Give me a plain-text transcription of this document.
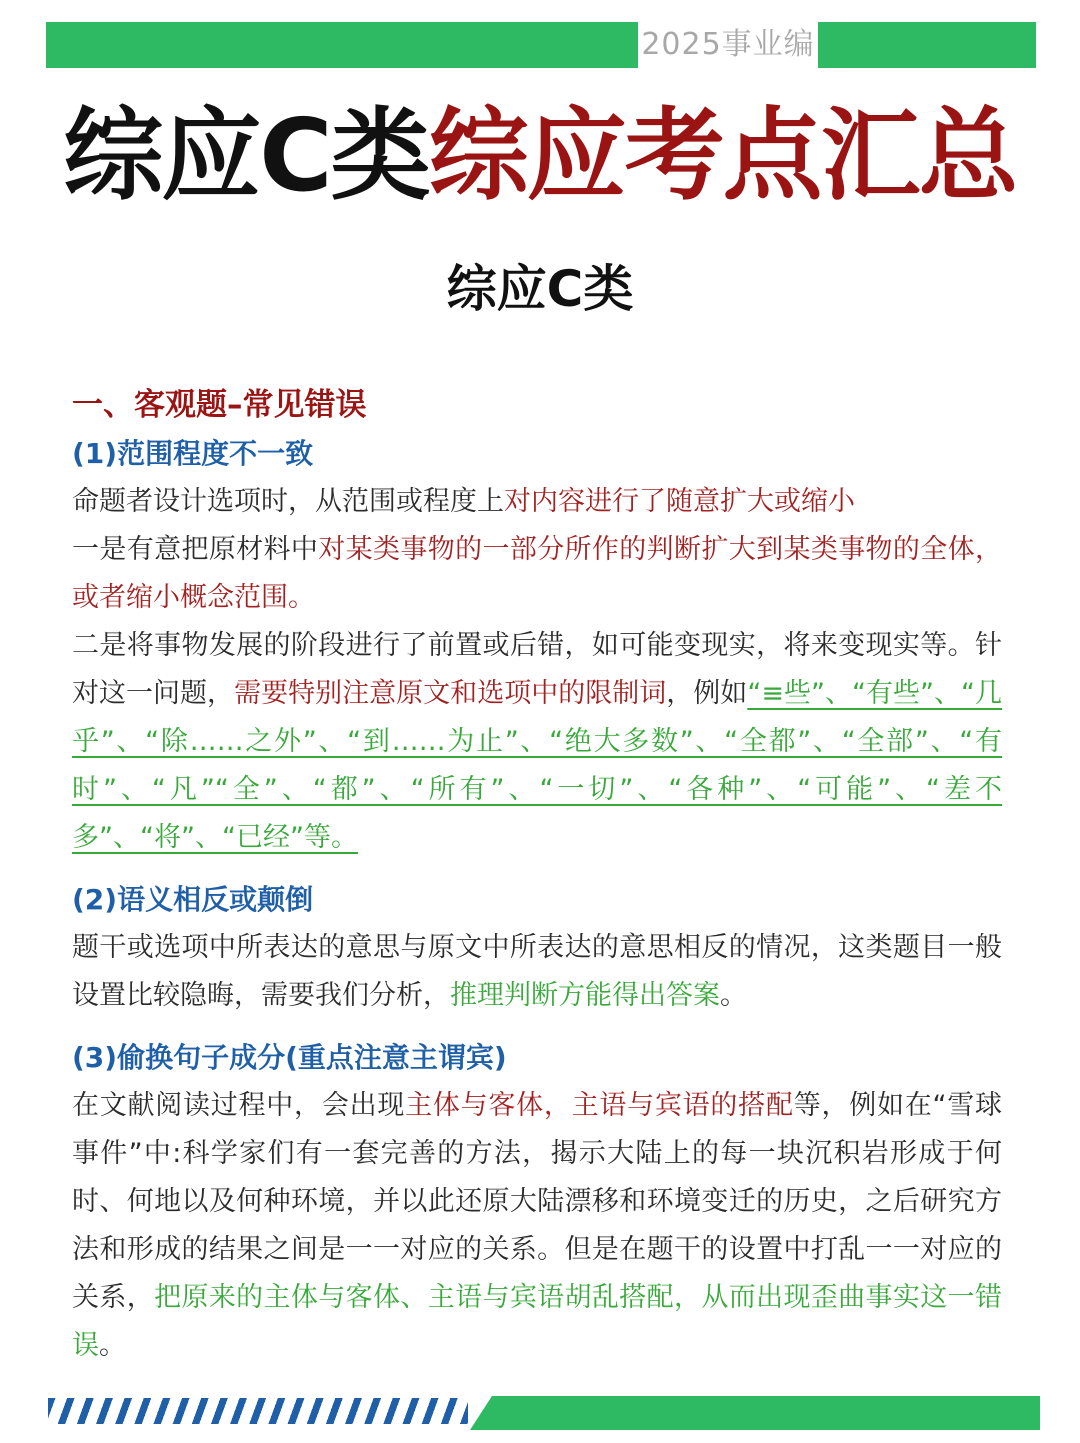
2025事业编
综应C类综应考点汇总
综应C类

一、客观题–常见错误

(1)范围程度不一致

命题者设计选项时，从范围或程度上对内容进行了随意扩大或缩小

一是有意把原材料中对某类事物的一部分所作的判断扩大到某类事物的全体，或者缩小概念范围。

二是将事物发展的阶段进行了前置或后错，如可能变现实，将来变现实等。针对这一问题，需要特别注意原文和选项中的限制词，例如“≡些”、“有些”、“几乎”、“除……之外”、“到……为止”、“绝大多数”、“全都”、“全部”、“有时”、“凡”“全”、“都”、“所有”、“一切”、“各种”、“可能”、“差不多”、“将”、“已经”等。

(2)语义相反或颠倒

题干或选项中所表达的意思与原文中所表达的意思相反的情况，这类题目一般设置比较隐晦，需要我们分析，推理判断方能得出答案。

(3)偷换句子成分(重点注意主谓宾)

在文献阅读过程中，会出现主体与客体，主语与宾语的搭配等，例如在“雪球事件”中:科学家们有一套完善的方法，揭示大陆上的每一块沉积岩形成于何时、何地以及何种环境，并以此还原大陆漂移和环境变迁的历史，之后研究方法和形成的结果之间是一一对应的关系。但是在题干的设置中打乱一一对应的关系，把原来的主体与客体、主语与宾语胡乱搭配，从而出现歪曲事实这一错误。
